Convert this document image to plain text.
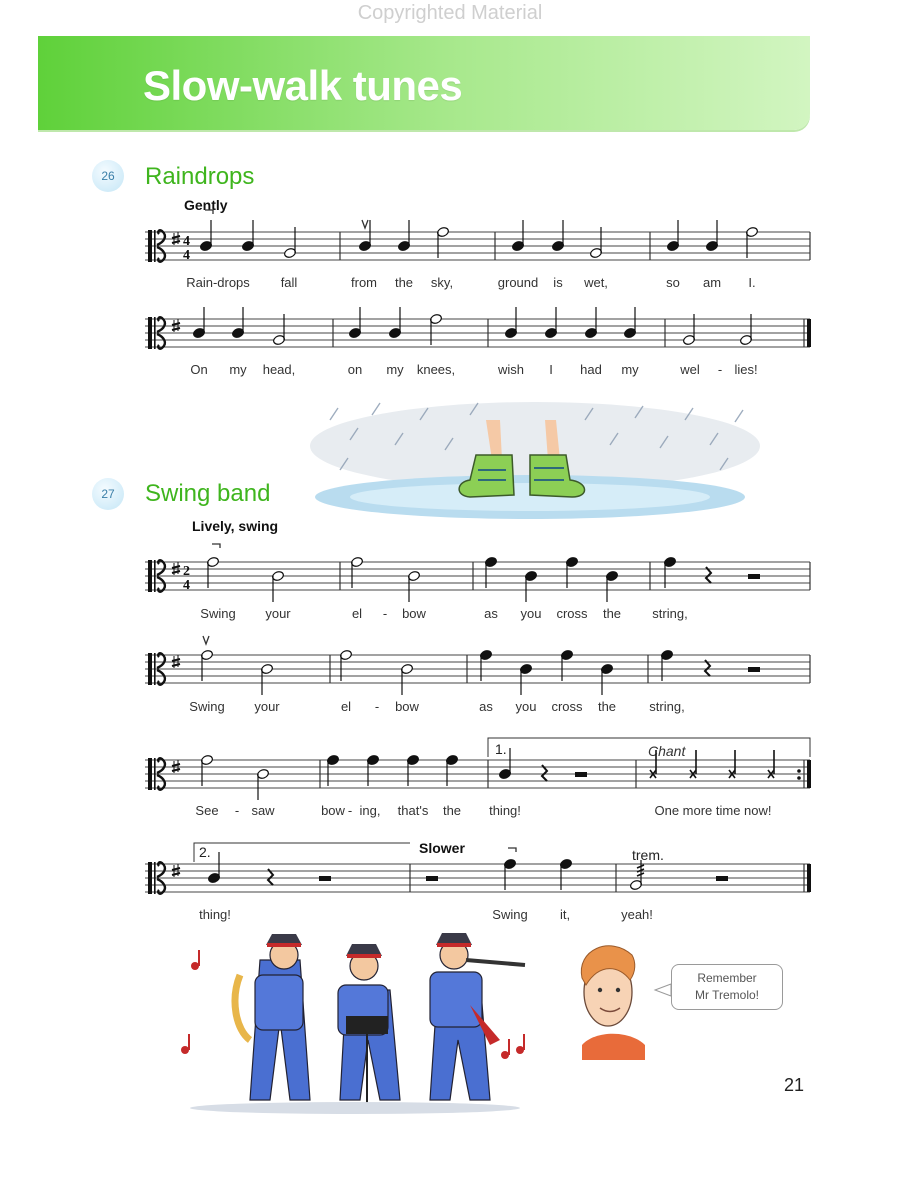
Copyrighted Material
Slow-walk tunes
26	Raindrops
Gently
Rain-drops fall	from the sky,	ground is wet,	so am I.
On my head,	on my knees,	wish I had my	wel - lies!
27	Swing band
Lively, swing
Swing your	el - bow	as you cross the string,
Swing your	el - bow	as you cross the	string,
See - saw	bow - ing, that's the thing!	One more time now!
thing!	Swing it,	yeah!
1.	Chant
2.	Slower	trem.
Remember
Mr Tremolo!
21
4
4
2
4
